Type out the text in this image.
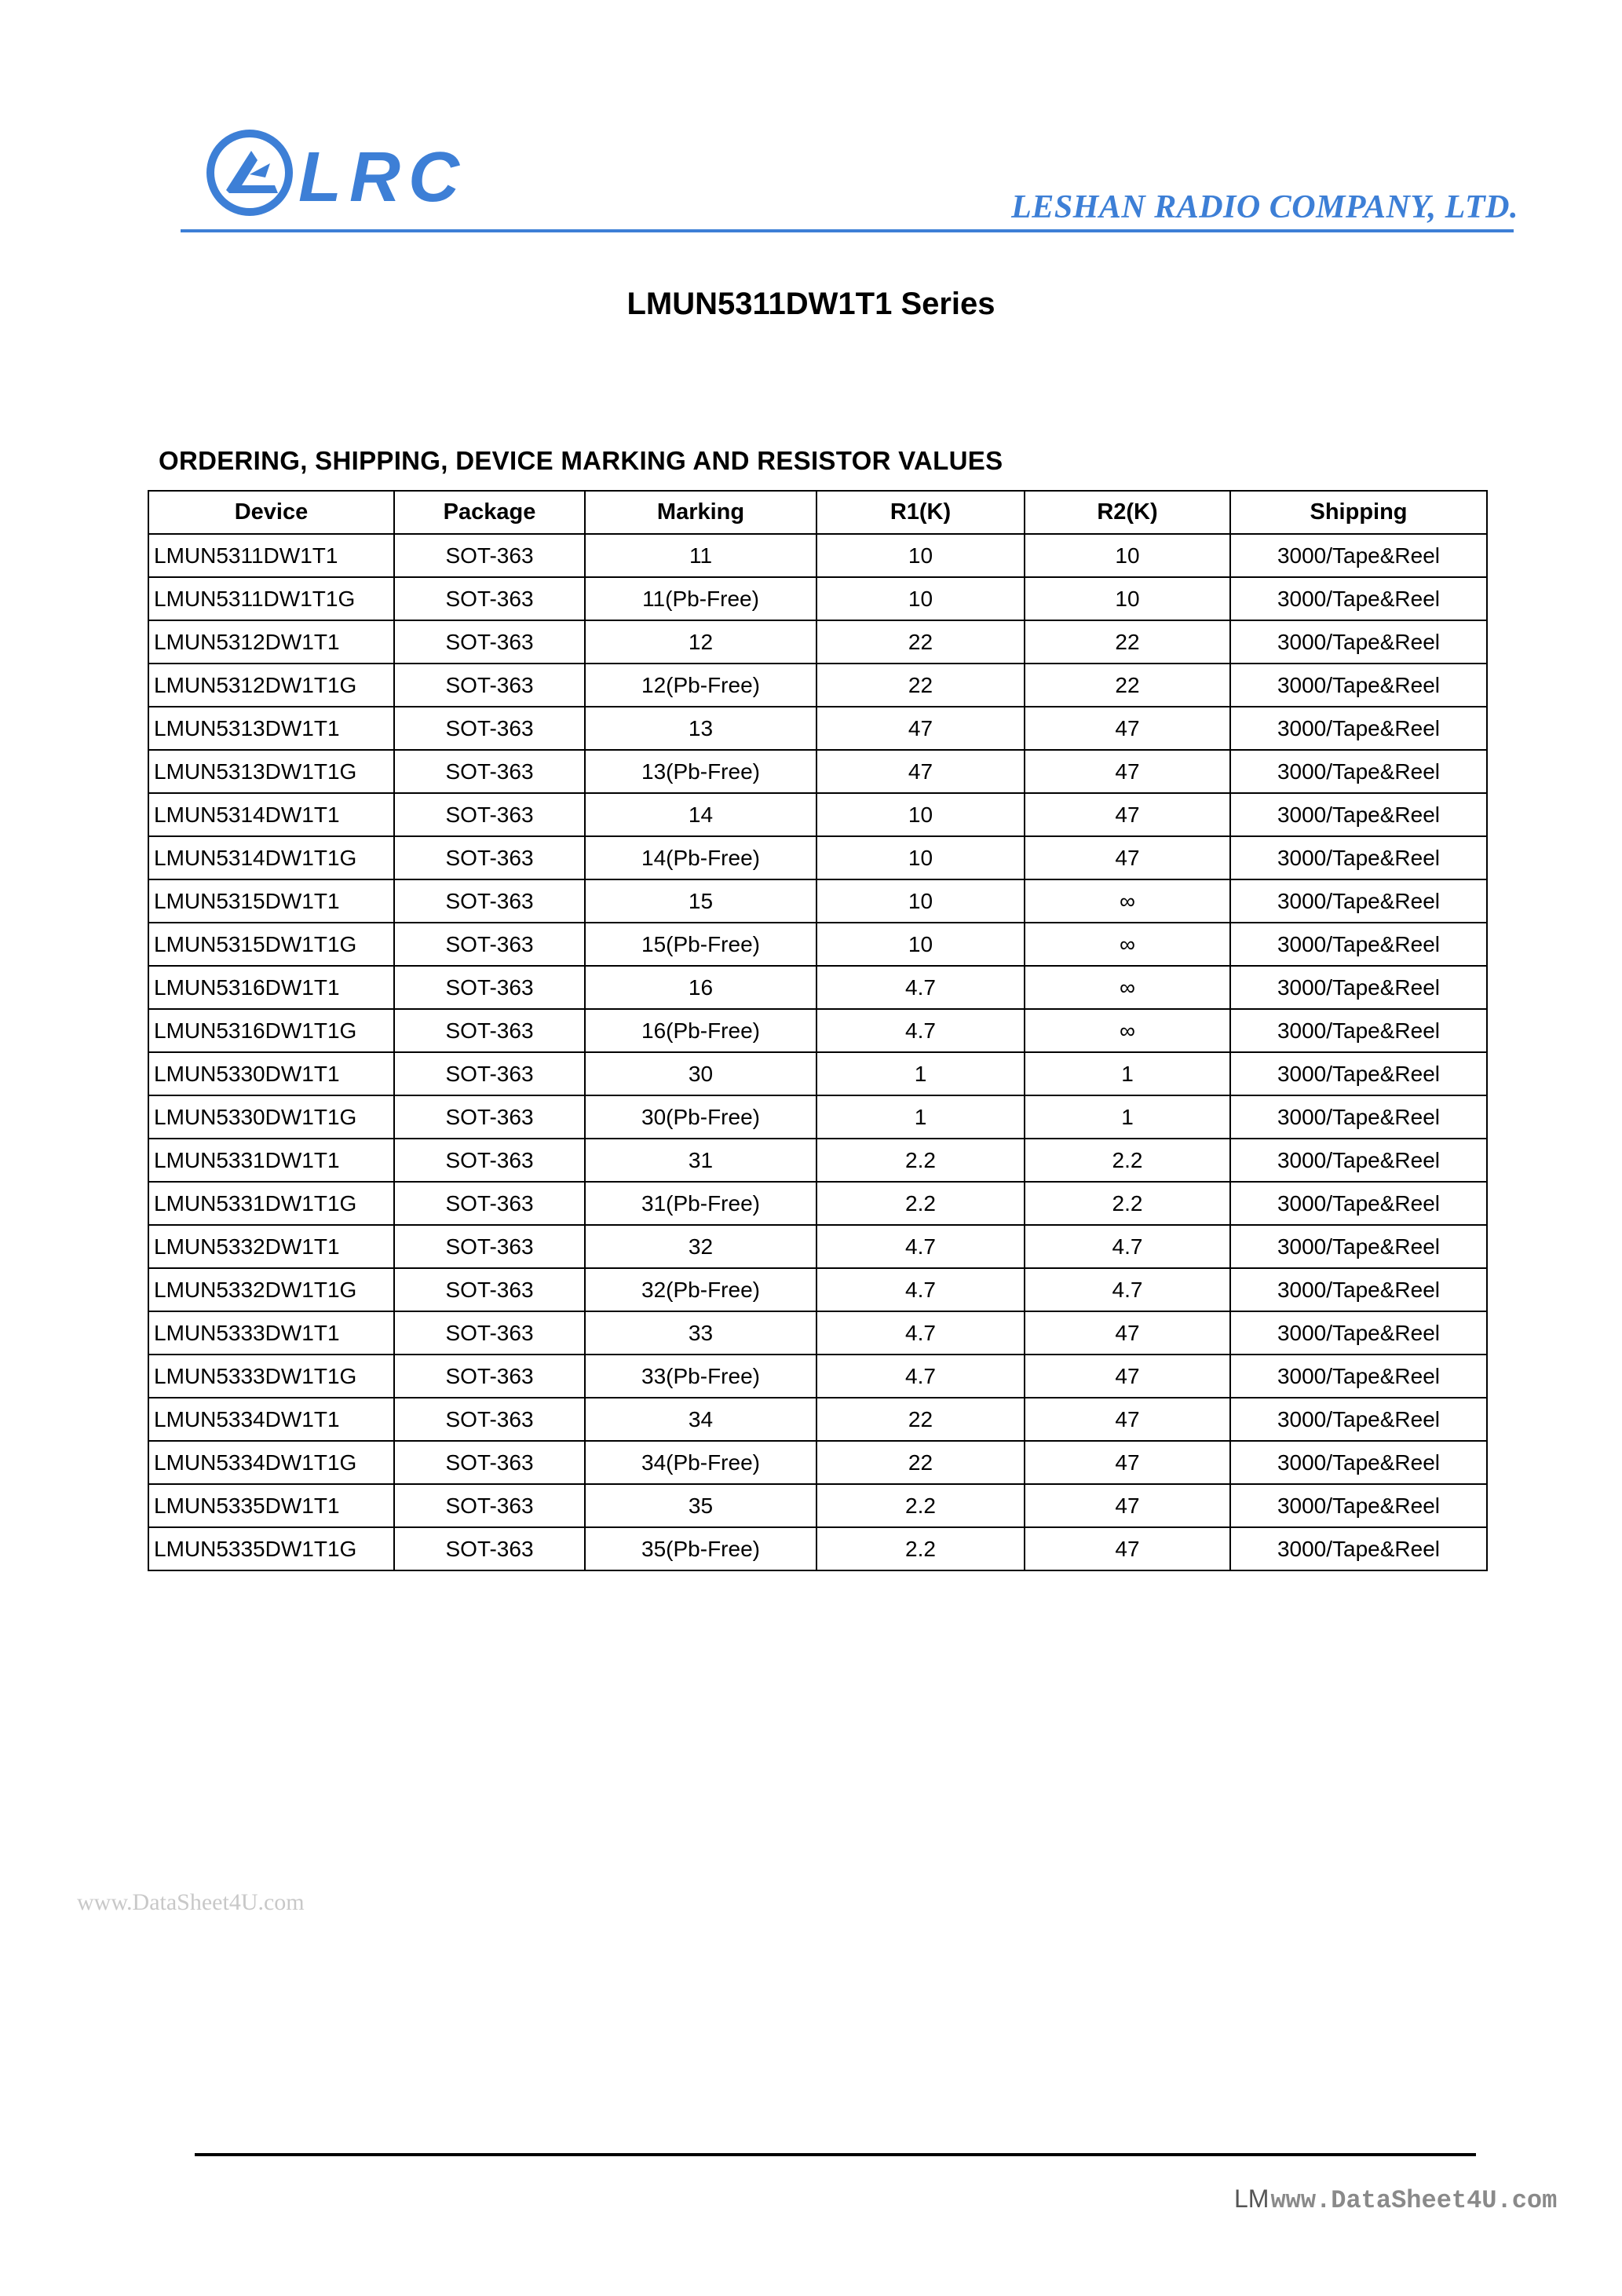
LRC	LESHAN RADIO COMPANY, LTD.
LMUN5311DW1T1 Series
ORDERING, SHIPPING, DEVICE MARKING AND RESISTOR VALUES
Device	Package	Marking	R1(K)	R2(K)	Shipping
LMUN5311DW1T1	SOT-363	11	10	10	3000/Tape&Reel
LMUN5311DW1T1G	SOT-363	11(Pb-Free)	10	10	3000/Tape&Reel
LMUN5312DW1T1	SOT-363	12	22	22	3000/Tape&Reel
LMUN5312DW1T1G	SOT-363	12(Pb-Free)	22	22	3000/Tape&Reel
LMUN5313DW1T1	SOT-363	13	47	47	3000/Tape&Reel
LMUN5313DW1T1G	SOT-363	13(Pb-Free)	47	47	3000/Tape&Reel
LMUN5314DW1T1	SOT-363	14	10	47	3000/Tape&Reel
LMUN5314DW1T1G	SOT-363	14(Pb-Free)	10	47	3000/Tape&Reel
LMUN5315DW1T1	SOT-363	15	10	∞	3000/Tape&Reel
LMUN5315DW1T1G	SOT-363	15(Pb-Free)	10	∞	3000/Tape&Reel
LMUN5316DW1T1	SOT-363	16	4.7	∞	3000/Tape&Reel
LMUN5316DW1T1G	SOT-363	16(Pb-Free)	4.7	∞	3000/Tape&Reel
LMUN5330DW1T1	SOT-363	30	1	1	3000/Tape&Reel
LMUN5330DW1T1G	SOT-363	30(Pb-Free)	1	1	3000/Tape&Reel
LMUN5331DW1T1	SOT-363	31	2.2	2.2	3000/Tape&Reel
LMUN5331DW1T1G	SOT-363	31(Pb-Free)	2.2	2.2	3000/Tape&Reel
LMUN5332DW1T1	SOT-363	32	4.7	4.7	3000/Tape&Reel
LMUN5332DW1T1G	SOT-363	32(Pb-Free)	4.7	4.7	3000/Tape&Reel
LMUN5333DW1T1	SOT-363	33	4.7	47	3000/Tape&Reel
LMUN5333DW1T1G	SOT-363	33(Pb-Free)	4.7	47	3000/Tape&Reel
LMUN5334DW1T1	SOT-363	34	22	47	3000/Tape&Reel
LMUN5334DW1T1G	SOT-363	34(Pb-Free)	22	47	3000/Tape&Reel
LMUN5335DW1T1	SOT-363	35	2.2	47	3000/Tape&Reel
LMUN5335DW1T1G	SOT-363	35(Pb-Free)	2.2	47	3000/Tape&Reel
www.DataSheet4U.com
LMwww.DataSheet4U.com
